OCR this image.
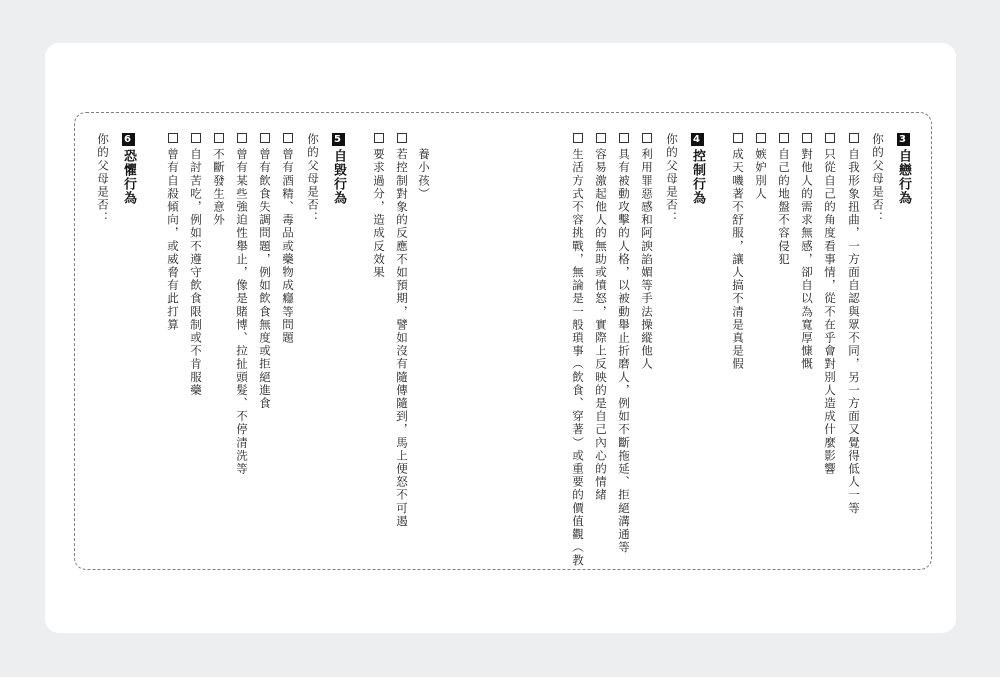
3自戀行為
你的父母是否：
自我形象扭曲，一方面自認與眾不同，另一方面又覺得低人一等
只從自己的角度看事情，從不在乎會對別人造成什麼影響
對他人的需求無感，卻自以為寬厚慷慨
自己的地盤不容侵犯
嫉妒別人
成天嘰著不舒服，讓人搞不清是真是假
4控制行為
你的父母是否：
利用罪惡感和阿諛諂媚等手法操縱他人
具有被動攻擊的人格，以被動舉止折磨人，例如不斷拖延、拒絕溝通等
容易激起他人的無助或憤怒，實際上反映的是自己內心的情緒
生活方式不容挑戰，無論是一般瑣事（飲食、穿著）或重要的價值觀（教
養小孩）
若控制對象的反應不如預期，譬如沒有隨傳隨到，馬上便怒不可遏
要求過分，造成反效果
5自毀行為
你的父母是否：
曾有酒精、毒品或藥物成癮等問題
曾有飲食失調問題，例如飲食無度或拒絕進食
曾有某些強迫性舉止，像是賭博、拉扯頭髮、不停清洗等
不斷發生意外
自討苦吃，例如不遵守飲食限制或不肯服藥
曾有自殺傾向，或威脅有此打算
6恐懼行為
你的父母是否：
